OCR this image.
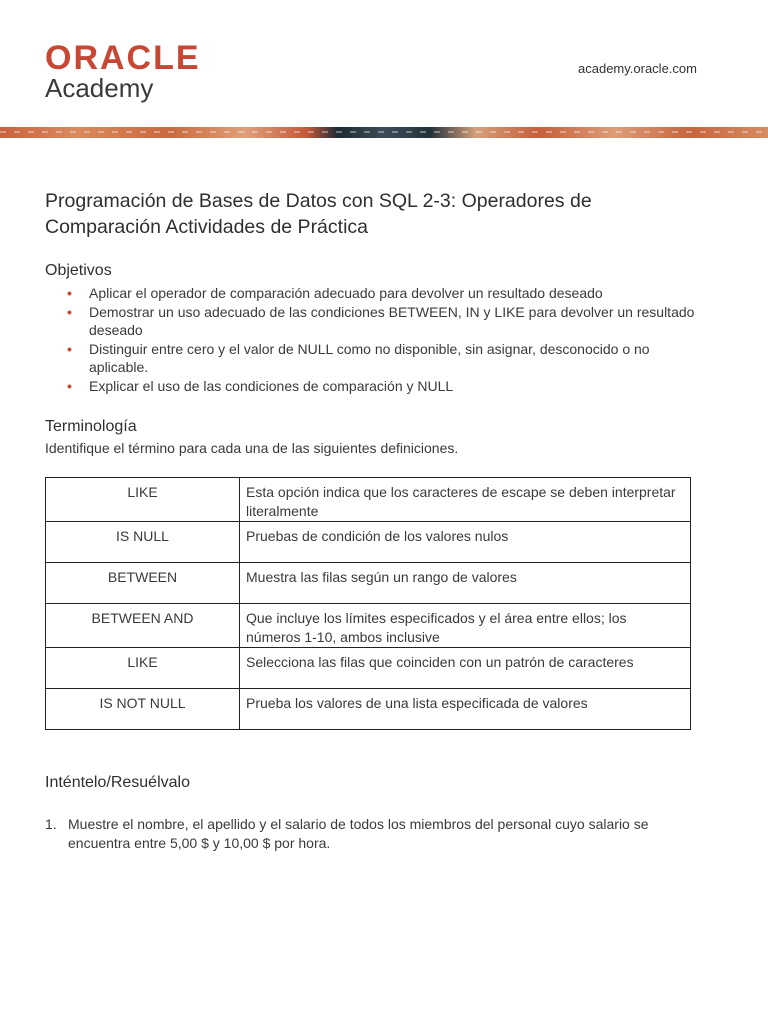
ORACLE
Academy
academy.oracle.com
Programación de Bases de Datos con SQL 2-3: Operadores de
Comparación Actividades de Práctica
Objetivos
• Aplicar el operador de comparación adecuado para devolver un resultado deseado
• Demostrar un uso adecuado de las condiciones BETWEEN, IN y LIKE para devolver un resultado deseado
• Distinguir entre cero y el valor de NULL como no disponible, sin asignar, desconocido o no aplicable.
• Explicar el uso de las condiciones de comparación y NULL
Terminología
Identifique el término para cada una de las siguientes definiciones.
LIKE	Esta opción indica que los caracteres de escape se deben interpretar literalmente
IS NULL	Pruebas de condición de los valores nulos
BETWEEN	Muestra las filas según un rango de valores
BETWEEN AND	Que incluye los límites especificados y el área entre ellos; los números 1-10, ambos inclusive
LIKE	Selecciona las filas que coinciden con un patrón de caracteres
IS NOT NULL	Prueba los valores de una lista especificada de valores
Inténtelo/Resuélvalo
1. Muestre el nombre, el apellido y el salario de todos los miembros del personal cuyo salario se encuentra entre 5,00 $ y 10,00 $ por hora.
